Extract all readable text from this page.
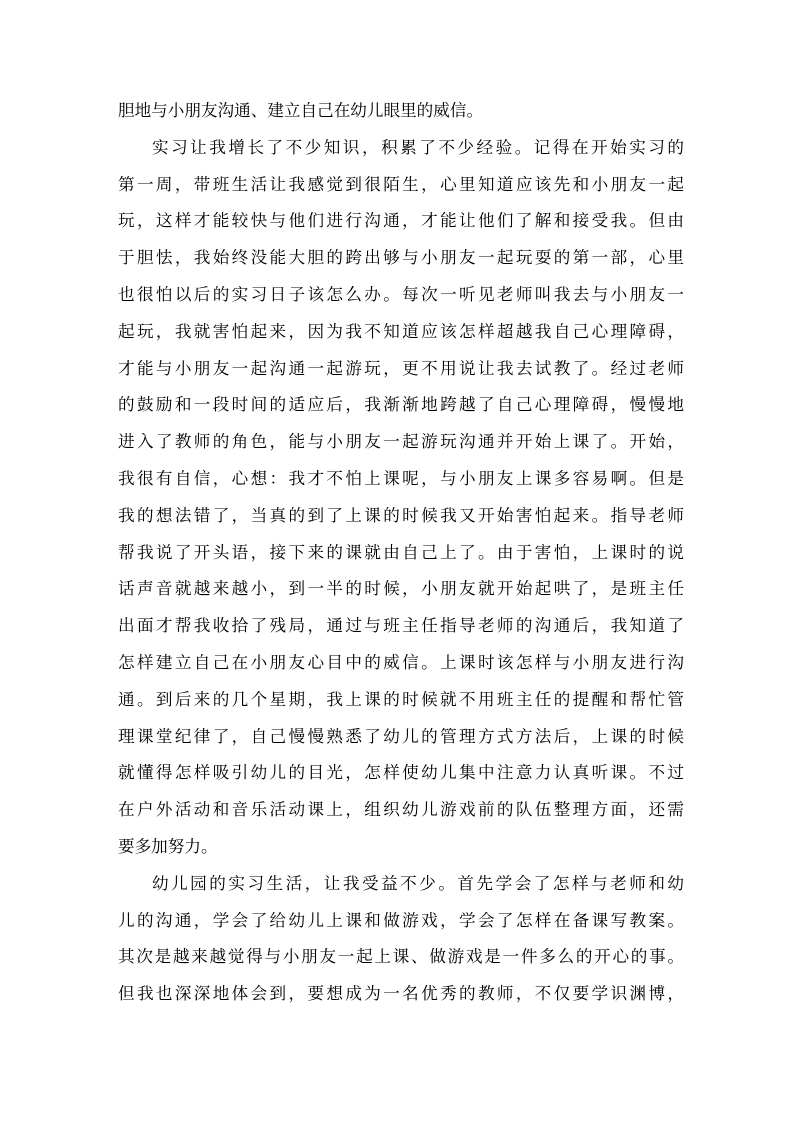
胆地与小朋友沟通、建立自己在幼儿眼里的威信。
实习让我增长了不少知识，积累了不少经验。记得在开始实习的
第一周，带班生活让我感觉到很陌生，心里知道应该先和小朋友一起
玩，这样才能较快与他们进行沟通，才能让他们了解和接受我。但由
于胆怯，我始终没能大胆的跨出够与小朋友一起玩耍的第一部，心里
也很怕以后的实习日子该怎么办。每次一听见老师叫我去与小朋友一
起玩，我就害怕起来，因为我不知道应该怎样超越我自己心理障碍，
才能与小朋友一起沟通一起游玩，更不用说让我去试教了。经过老师
的鼓励和一段时间的适应后，我渐渐地跨越了自己心理障碍，慢慢地
进入了教师的角色，能与小朋友一起游玩沟通并开始上课了。开始，
我很有自信，心想：我才不怕上课呢，与小朋友上课多容易啊。但是
我的想法错了，当真的到了上课的时候我又开始害怕起来。指导老师
帮我说了开头语，接下来的课就由自己上了。由于害怕，上课时的说
话声音就越来越小，到一半的时候，小朋友就开始起哄了，是班主任
出面才帮我收拾了残局，通过与班主任指导老师的沟通后，我知道了
怎样建立自己在小朋友心目中的威信。上课时该怎样与小朋友进行沟
通。到后来的几个星期，我上课的时候就不用班主任的提醒和帮忙管
理课堂纪律了，自己慢慢熟悉了幼儿的管理方式方法后，上课的时候
就懂得怎样吸引幼儿的目光，怎样使幼儿集中注意力认真听课。不过
在户外活动和音乐活动课上，组织幼儿游戏前的队伍整理方面，还需
要多加努力。
幼儿园的实习生活，让我受益不少。首先学会了怎样与老师和幼
儿的沟通，学会了给幼儿上课和做游戏，学会了怎样在备课写教案。
其次是越来越觉得与小朋友一起上课、做游戏是一件多么的开心的事。
但我也深深地体会到，要想成为一名优秀的教师，不仅要学识渊博，
